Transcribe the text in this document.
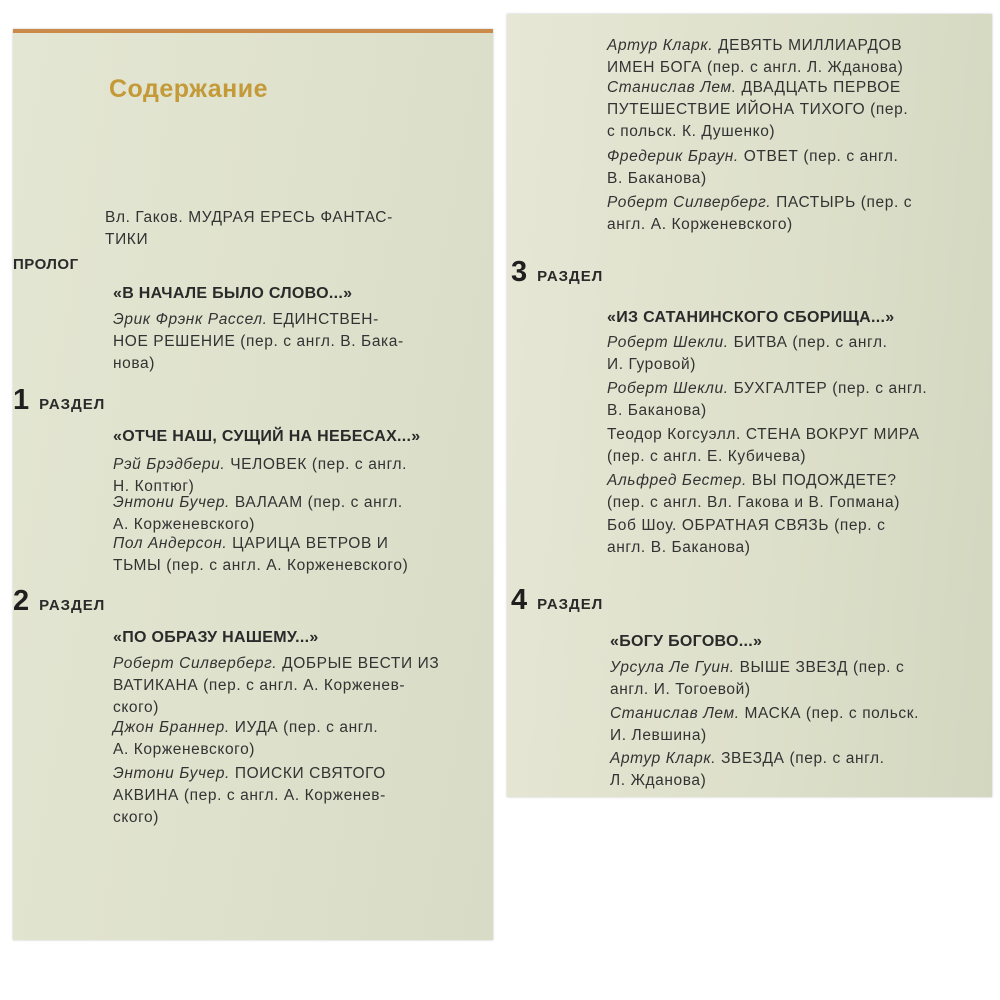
Содержание
Вл. Гаков. МУДРАЯ ЕРЕСЬ ФАНТАС-
ТИКИ
ПРОЛОГ
«В НАЧАЛЕ БЫЛО СЛОВО...»
Эрик Фрэнк Рассел. ЕДИНСТВЕН-
НОЕ РЕШЕНИЕ (пер. с англ. В. Бака-
нова)
1 РАЗДЕЛ
«ОТЧЕ НАШ, СУЩИЙ НА НЕБЕСАХ...»
Рэй Брэдбери. ЧЕЛОВЕК (пер. с англ.
Н. Коптюг)
Энтони Бучер. ВАЛААМ (пер. с англ.
А. Корженевского)
Пол Андерсон. ЦАРИЦА ВЕТРОВ И
ТЬМЫ (пер. с англ. А. Корженевского)
2 РАЗДЕЛ
«ПО ОБРАЗУ НАШЕМУ...»
Роберт Силверберг. ДОБРЫЕ ВЕСТИ ИЗ
ВАТИКАНА (пер. с англ. А. Корженев-
ского)
Джон Браннер. ИУДА (пер. с англ.
А. Корженевского)
Энтони Бучер. ПОИСКИ СВЯТОГО
АКВИНА (пер. с англ. А. Корженев-
ского)
Артур Кларк. ДЕВЯТЬ МИЛЛИАРДОВ
ИМЕН БОГА (пер. с англ. Л. Жданова)
Станислав Лем. ДВАДЦАТЬ ПЕРВОЕ
ПУТЕШЕСТВИЕ ИЙОНА ТИХОГО (пер.
с польск. К. Душенко)
Фредерик Браун. ОТВЕТ (пер. с англ.
В. Баканова)
Роберт Силверберг. ПАСТЫРЬ (пер. с
англ. А. Корженевского)
3 РАЗДЕЛ
«ИЗ САТАНИНСКОГО СБОРИЩА...»
Роберт Шекли. БИТВА (пер. с англ.
И. Гуровой)
Роберт Шекли. БУХГАЛТЕР (пер. с англ.
В. Баканова)
Теодор Когсуэлл. СТЕНА ВОКРУГ МИРА
(пер. с англ. Е. Кубичева)
Альфред Бестер. ВЫ ПОДОЖДЕТЕ?
(пер. с англ. Вл. Гакова и В. Гопмана)
Боб Шоу. ОБРАТНАЯ СВЯЗЬ (пер. с
англ. В. Баканова)
4 РАЗДЕЛ
«БОГУ БОГОВО...»
Урсула Ле Гуин. ВЫШЕ ЗВЕЗД (пер. с
англ. И. Тогоевой)
Станислав Лем. МАСКА (пер. с польск.
И. Левшина)
Артур Кларк. ЗВЕЗДА (пер. с англ.
Л. Жданова)
